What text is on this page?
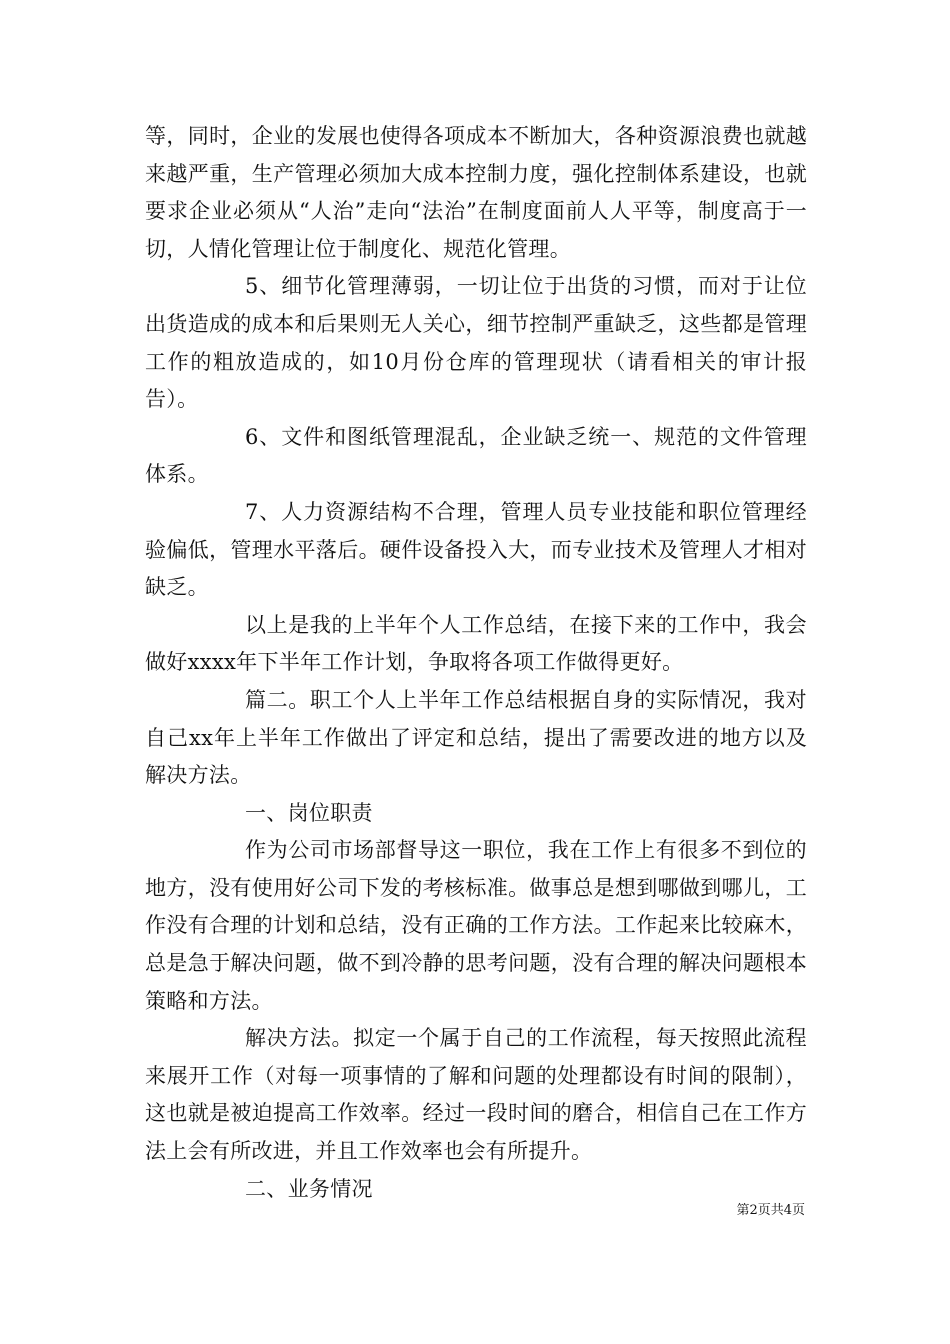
等，同时，企业的发展也使得各项成本不断加大，各种资源浪费也就越来越严重，生产管理必须加大成本控制力度，强化控制体系建设，也就要求企业必须从“人治”走向“法治”在制度面前人人平等，制度高于一切，人情化管理让位于制度化、规范化管理。

5、细节化管理薄弱，一切让位于出货的习惯，而对于让位出货造成的成本和后果则无人关心，细节控制严重缺乏，这些都是管理工作的粗放造成的，如10月份仓库的管理现状（请看相关的审计报告）。

6、文件和图纸管理混乱，企业缺乏统一、规范的文件管理体系。

7、人力资源结构不合理，管理人员专业技能和职位管理经验偏低，管理水平落后。硬件设备投入大，而专业技术及管理人才相对缺乏。

以上是我的上半年个人工作总结，在接下来的工作中，我会做好xxxx年下半年工作计划，争取将各项工作做得更好。

篇二。职工个人上半年工作总结根据自身的实际情况，我对自己xx年上半年工作做出了评定和总结，提出了需要改进的地方以及解决方法。

一、岗位职责

作为公司市场部督导这一职位，我在工作上有很多不到位的地方，没有使用好公司下发的考核标准。做事总是想到哪做到哪儿，工作没有合理的计划和总结，没有正确的工作方法。工作起来比较麻木，总是急于解决问题，做不到冷静的思考问题，没有合理的解决问题根本策略和方法。

解决方法。拟定一个属于自己的工作流程，每天按照此流程来展开工作（对每一项事情的了解和问题的处理都设有时间的限制），这也就是被迫提高工作效率。经过一段时间的磨合，相信自己在工作方法上会有所改进，并且工作效率也会有所提升。

二、业务情况

第2页共4页
